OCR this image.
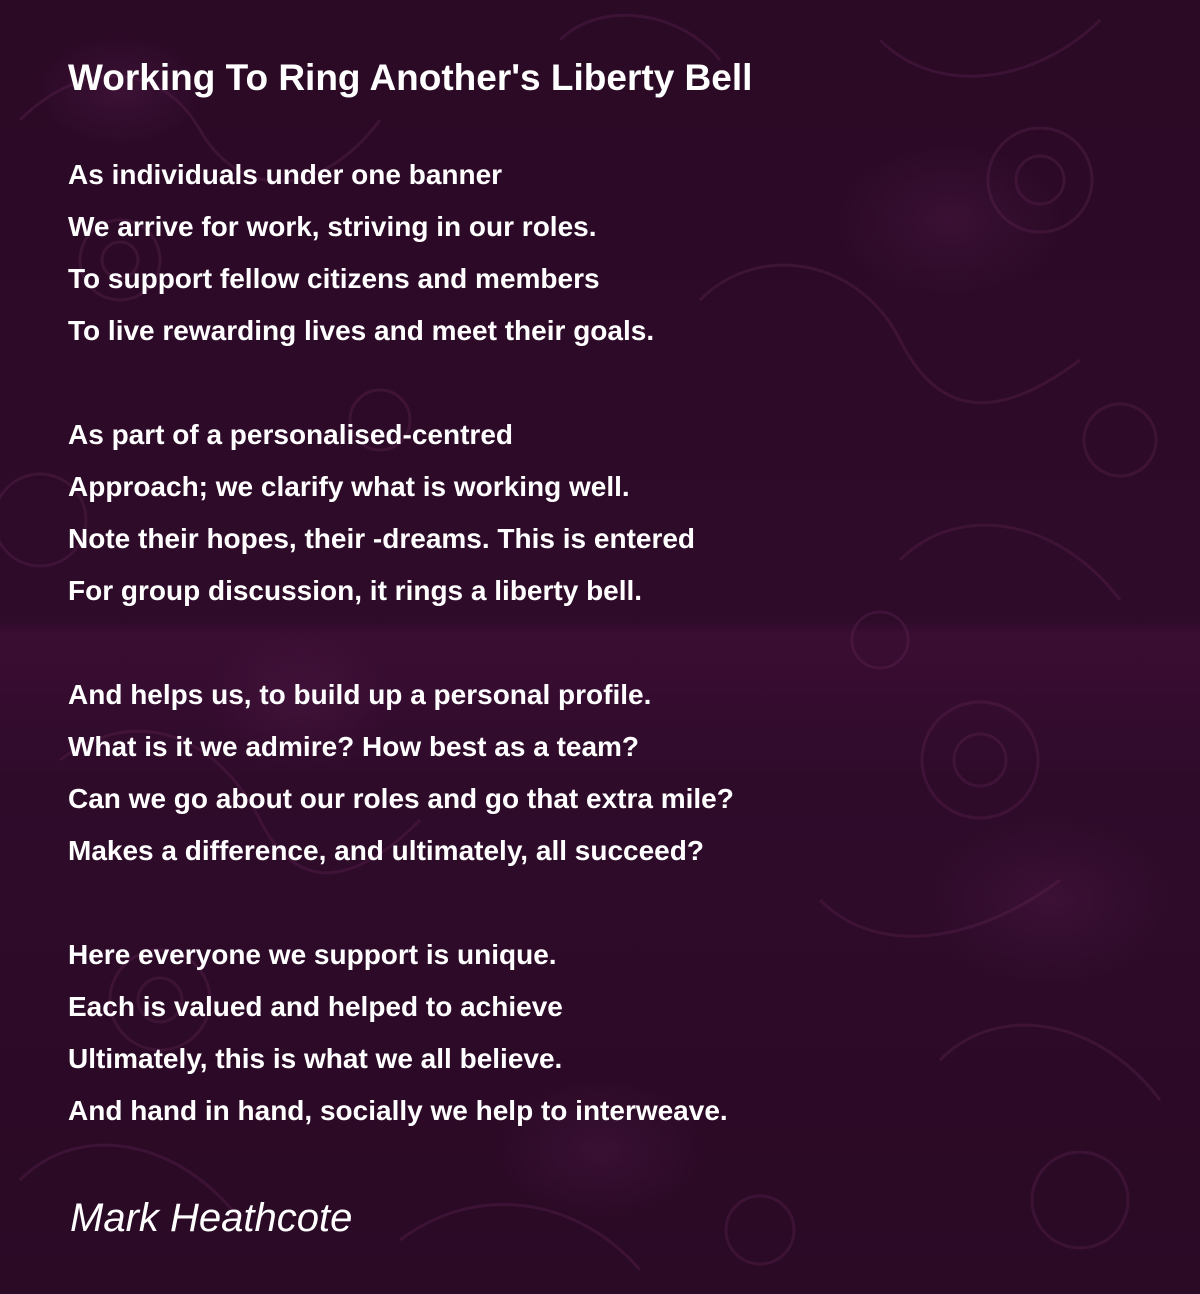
Working To Ring Another's Liberty Bell
As individuals under one banner
We arrive for work, striving in our roles.
To support fellow citizens and members
To live rewarding lives and meet their goals.
As part of a personalised-centred
Approach; we clarify what is working well.
Note their hopes, their -dreams. This is entered
For group discussion, it rings a liberty bell.
And helps us, to build up a personal profile.
What is it we admire? How best as a team?
Can we go about our roles and go that extra mile?
Makes a difference, and ultimately, all succeed?
Here everyone we support is unique.
Each is valued and helped to achieve
Ultimately, this is what we all believe.
And hand in hand, socially we help to interweave.
Mark Heathcote
